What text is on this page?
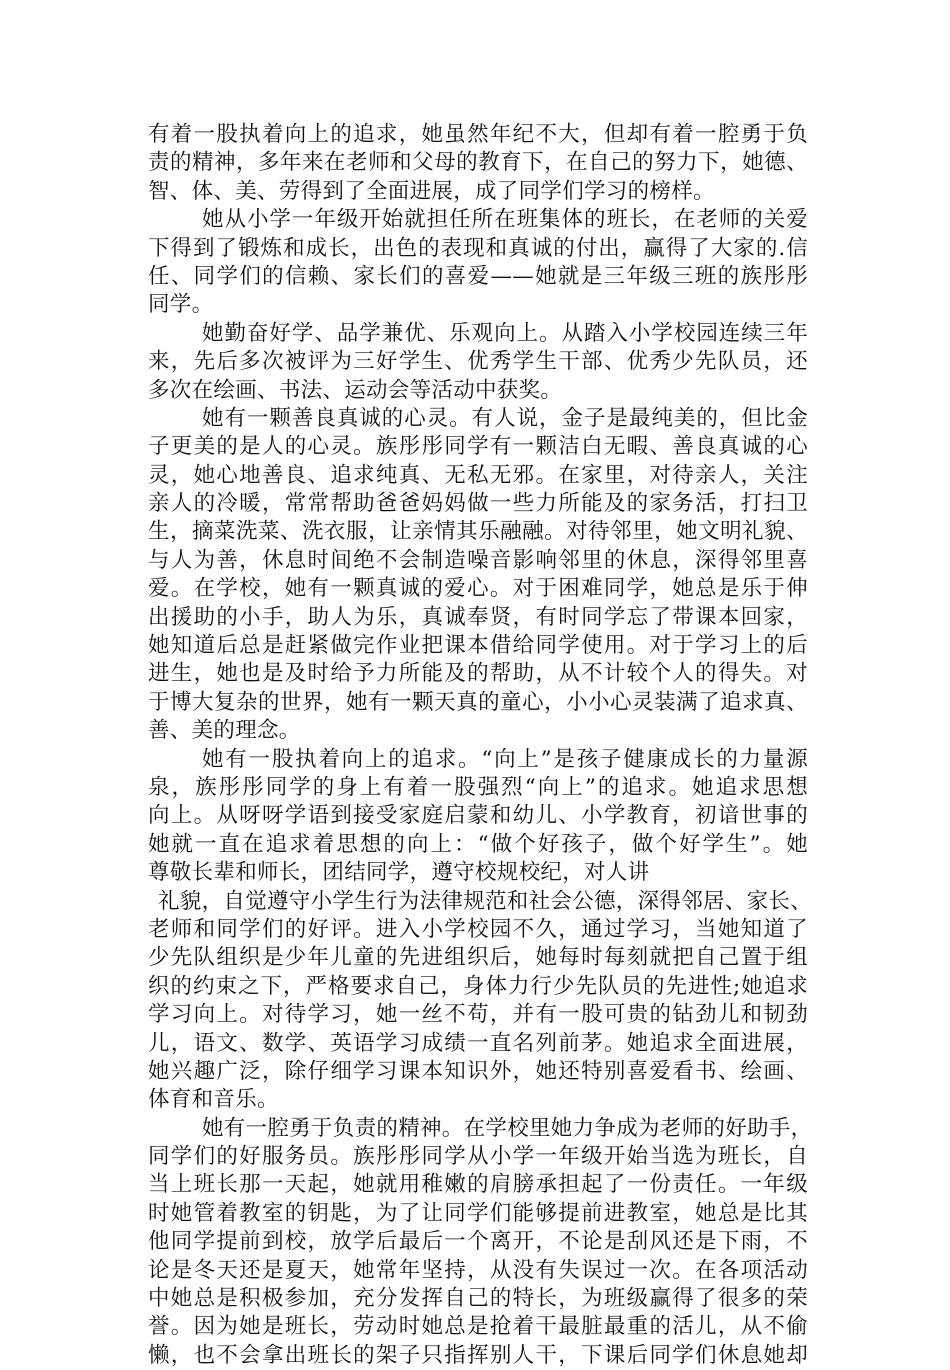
有着一股执着向上的追求，她虽然年纪不大，但却有着一腔勇于负
责的精神，多年来在老师和父母的教育下，在自己的努力下，她德、
智、体、美、劳得到了全面进展，成了同学们学习的榜样。
她从小学一年级开始就担任所在班集体的班长，在老师的关爱
下得到了锻炼和成长，出色的表现和真诚的付出，赢得了大家的.信
任、同学们的信赖、家长们的喜爱——她就是三年级三班的族彤彤
同学。
她勤奋好学、品学兼优、乐观向上。从踏入小学校园连续三年
来，先后多次被评为三好学生、优秀学生干部、优秀少先队员，还
多次在绘画、书法、运动会等活动中获奖。
她有一颗善良真诚的心灵。有人说，金子是最纯美的，但比金
子更美的是人的心灵。族彤彤同学有一颗洁白无暇、善良真诚的心
灵，她心地善良、追求纯真、无私无邪。在家里，对待亲人，关注
亲人的冷暖，常常帮助爸爸妈妈做一些力所能及的家务活，打扫卫
生，摘菜洗菜、洗衣服，让亲情其乐融融。对待邻里，她文明礼貌、
与人为善，休息时间绝不会制造噪音影响邻里的休息，深得邻里喜
爱。在学校，她有一颗真诚的爱心。对于困难同学，她总是乐于伸
出援助的小手，助人为乐，真诚奉贤，有时同学忘了带课本回家，
她知道后总是赶紧做完作业把课本借给同学使用。对于学习上的后
进生，她也是及时给予力所能及的帮助，从不计较个人的得失。对
于博大复杂的世界，她有一颗天真的童心，小小心灵装满了追求真、
善、美的理念。
她有一股执着向上的追求。“向上”是孩子健康成长的力量源
泉，族彤彤同学的身上有着一股强烈“向上”的追求。她追求思想
向上。从呀呀学语到接受家庭启蒙和幼儿、小学教育，初谙世事的
她就一直在追求着思想的向上：“做个好孩子，做个好学生”。她
尊敬长辈和师长，团结同学，遵守校规校纪，对人讲
礼貌，自觉遵守小学生行为法律规范和社会公德，深得邻居、家长、
老师和同学们的好评。进入小学校园不久，通过学习，当她知道了
少先队组织是少年儿童的先进组织后，她每时每刻就把自己置于组
织的约束之下，严格要求自己，身体力行少先队员的先进性;她追求
学习向上。对待学习，她一丝不苟，并有一股可贵的钻劲儿和韧劲
儿，语文、数学、英语学习成绩一直名列前茅。她追求全面进展，
她兴趣广泛，除仔细学习课本知识外，她还特别喜爱看书、绘画、
体育和音乐。
她有一腔勇于负责的精神。在学校里她力争成为老师的好助手，
同学们的好服务员。族彤彤同学从小学一年级开始当选为班长，自
当上班长那一天起，她就用稚嫩的肩膀承担起了一份责任。一年级
时她管着教室的钥匙，为了让同学们能够提前进教室，她总是比其
他同学提前到校，放学后最后一个离开，不论是刮风还是下雨，不
论是冬天还是夏天，她常年坚持，从没有失误过一次。在各项活动
中她总是积极参加，充分发挥自己的特长，为班级赢得了很多的荣
誉。因为她是班长，劳动时她总是抢着干最脏最重的活儿，从不偷
懒，也不会拿出班长的架子只指挥别人干，下课后同学们休息她却
